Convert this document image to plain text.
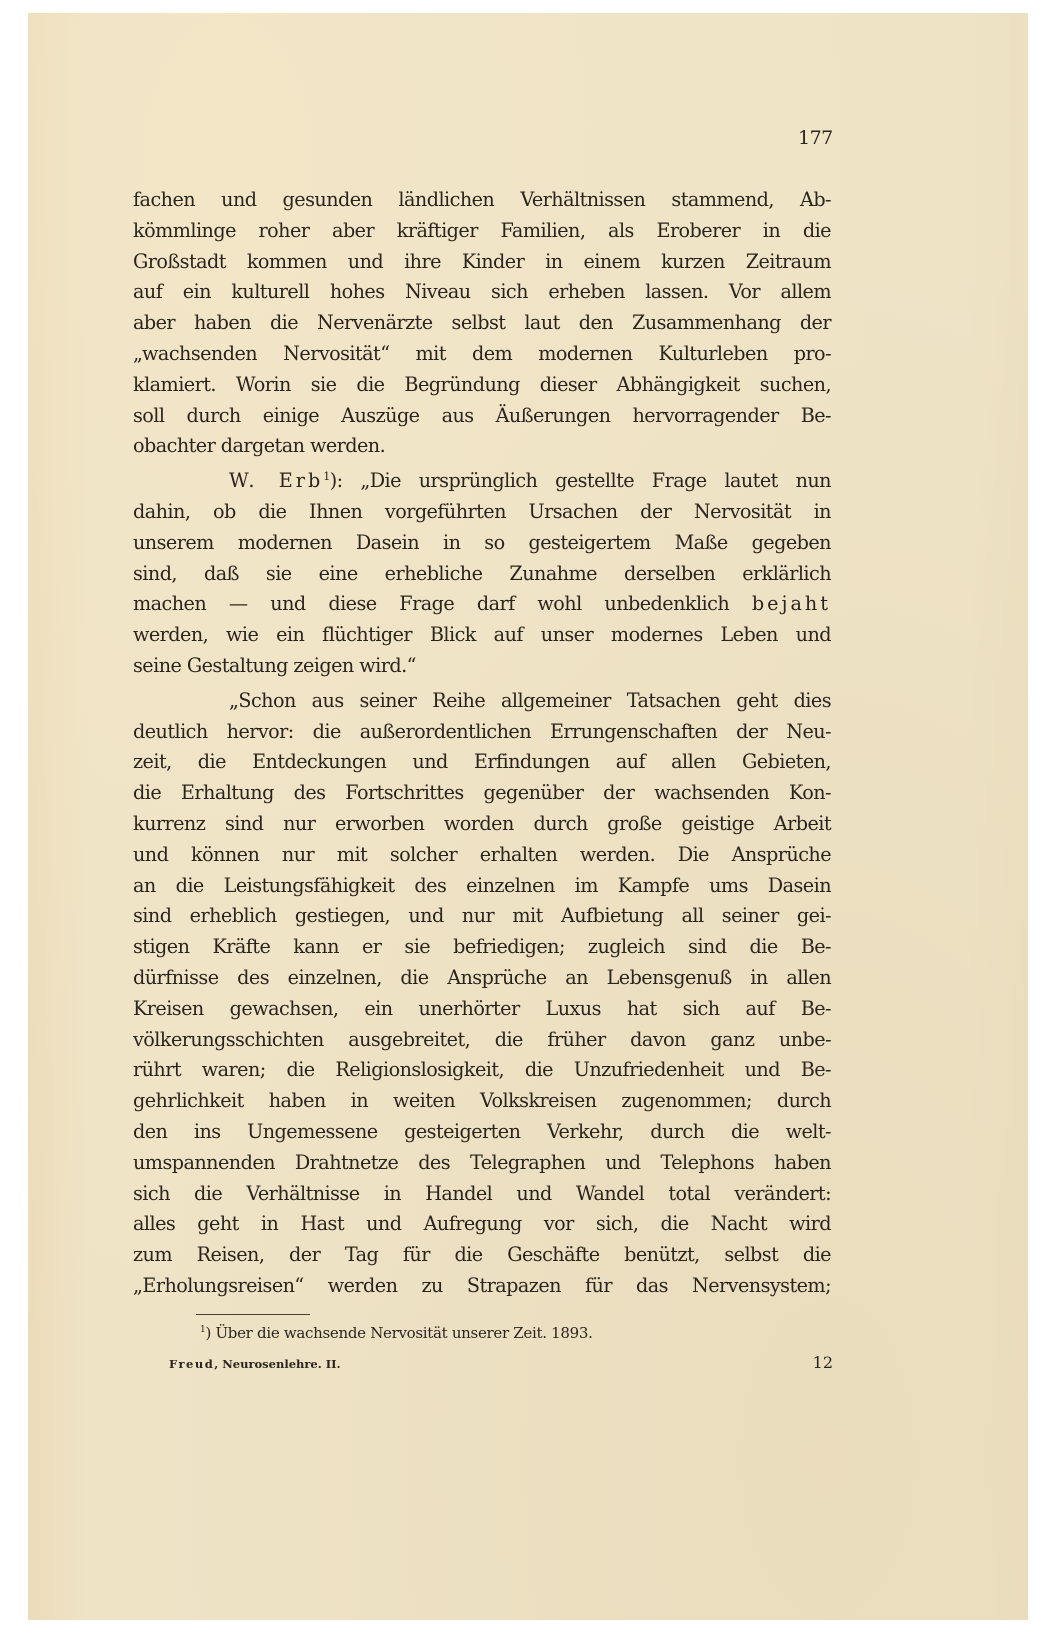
177
fachen und gesunden ländlichen Verhältnissen stammend, Ab-
kömmlinge roher aber kräftiger Familien, als Eroberer in die
Großstadt kommen und ihre Kinder in einem kurzen Zeitraum
auf ein kulturell hohes Niveau sich erheben lassen. Vor allem
aber haben die Nervenärzte selbst laut den Zusammenhang der
„wachsenden Nervosität“ mit dem modernen Kulturleben pro-
klamiert. Worin sie die Begründung dieser Abhängigkeit suchen,
soll durch einige Auszüge aus Äußerungen hervorragender Be-
obachter dargetan werden.
W. Erb$^1$): „Die ursprünglich gestellte Frage lautet nun
dahin, ob die Ihnen vorgeführten Ursachen der Nervosität in
unserem modernen Dasein in so gesteigertem Maße gegeben
sind, daß sie eine erhebliche Zunahme derselben erklärlich
machen — und diese Frage darf wohl unbedenklich bejaht
werden, wie ein flüchtiger Blick auf unser modernes Leben und
seine Gestaltung zeigen wird.“
„Schon aus seiner Reihe allgemeiner Tatsachen geht dies
deutlich hervor: die außerordentlichen Errungenschaften der Neu-
zeit, die Entdeckungen und Erfindungen auf allen Gebieten,
die Erhaltung des Fortschrittes gegenüber der wachsenden Kon-
kurrenz sind nur erworben worden durch große geistige Arbeit
und können nur mit solcher erhalten werden. Die Ansprüche
an die Leistungsfähigkeit des einzelnen im Kampfe ums Dasein
sind erheblich gestiegen, und nur mit Aufbietung all seiner gei-
stigen Kräfte kann er sie befriedigen; zugleich sind die Be-
dürfnisse des einzelnen, die Ansprüche an Lebensgenuß in allen
Kreisen gewachsen, ein unerhörter Luxus hat sich auf Be-
völkerungsschichten ausgebreitet, die früher davon ganz unbe-
rührt waren; die Religionslosigkeit, die Unzufriedenheit und Be-
gehrlichkeit haben in weiten Volkskreisen zugenommen; durch
den ins Ungemessene gesteigerten Verkehr, durch die welt-
umspannenden Drahtnetze des Telegraphen und Telephons haben
sich die Verhältnisse in Handel und Wandel total verändert:
alles geht in Hast und Aufregung vor sich, die Nacht wird
zum Reisen, der Tag für die Geschäfte benützt, selbst die
„Erholungsreisen“ werden zu Strapazen für das Nervensystem;
$^1$) Über die wachsende Nervosität unserer Zeit. 1893.
Freud, Neurosenlehre. II.	12
